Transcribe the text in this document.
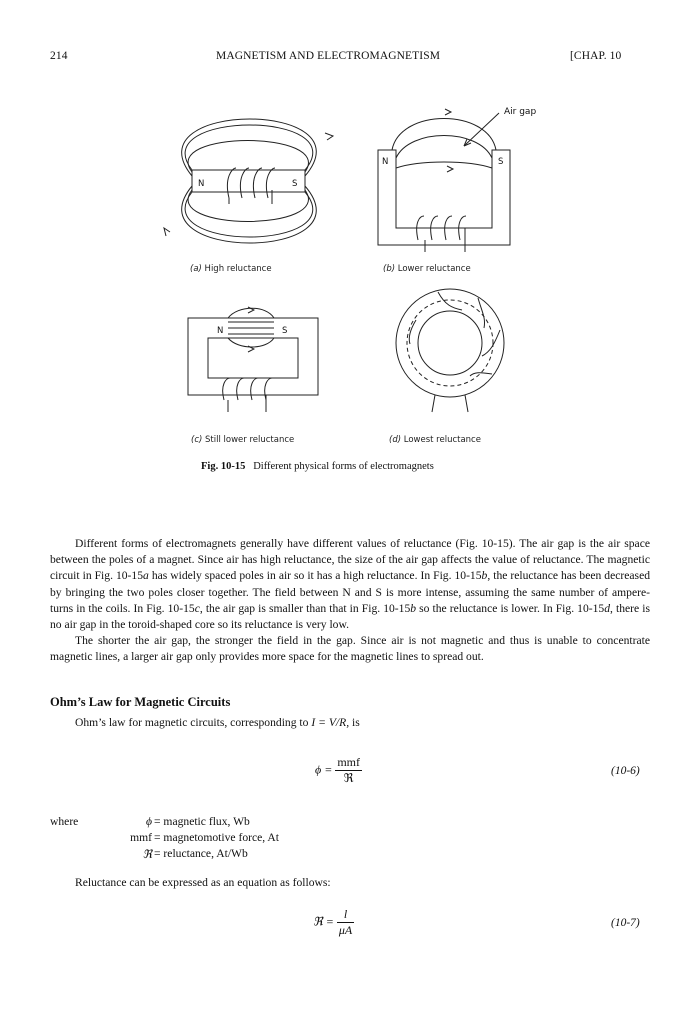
214	MAGNETISM AND ELECTROMAGNETISM	[CHAP. 10
N	S
N	S
N	S
Air gap
(a) High reluctance	(b) Lower reluctance
(c) Still lower reluctance	(d) Lowest reluctance
Fig. 10-15 Different physical forms of electromagnets

Different forms of electromagnets generally have different values of reluctance (Fig. 10-15). The air gap is the air space between the poles of a magnet. Since air has high reluctance, the size of the air gap affects the value of reluctance. The magnetic circuit in Fig. 10-15a has widely spaced poles in air so it has a high reluctance. In Fig. 10-15b, the reluctance has been decreased by bringing the two poles closer together. The field between N and S is more intense, assuming the same number of ampere-turns in the coils. In Fig. 10-15c, the air gap is smaller than that in Fig. 10-15b so the reluctance is lower. In Fig. 10-15d, there is no air gap in the toroid-shaped core so its reluctance is very low.

The shorter the air gap, the stronger the field in the gap. Since air is not magnetic and thus is unable to concentrate magnetic lines, a larger air gap only provides more space for the magnetic lines to spread out.

Ohm’s Law for Magnetic Circuits
Ohm’s law for magnetic circuits, corresponding to I = V/R, is
$\phi = \frac{\text{mmf}}{\text{ℜ}}$	(10-6)
where	ϕ = magnetic flux, Wb
mmf = magnetomotive force, At
ℜ = reluctance, At/Wb
Reluctance can be expressed as an equation as follows:
ℜ = $\frac{l}{\mu A}$	(10-7)
